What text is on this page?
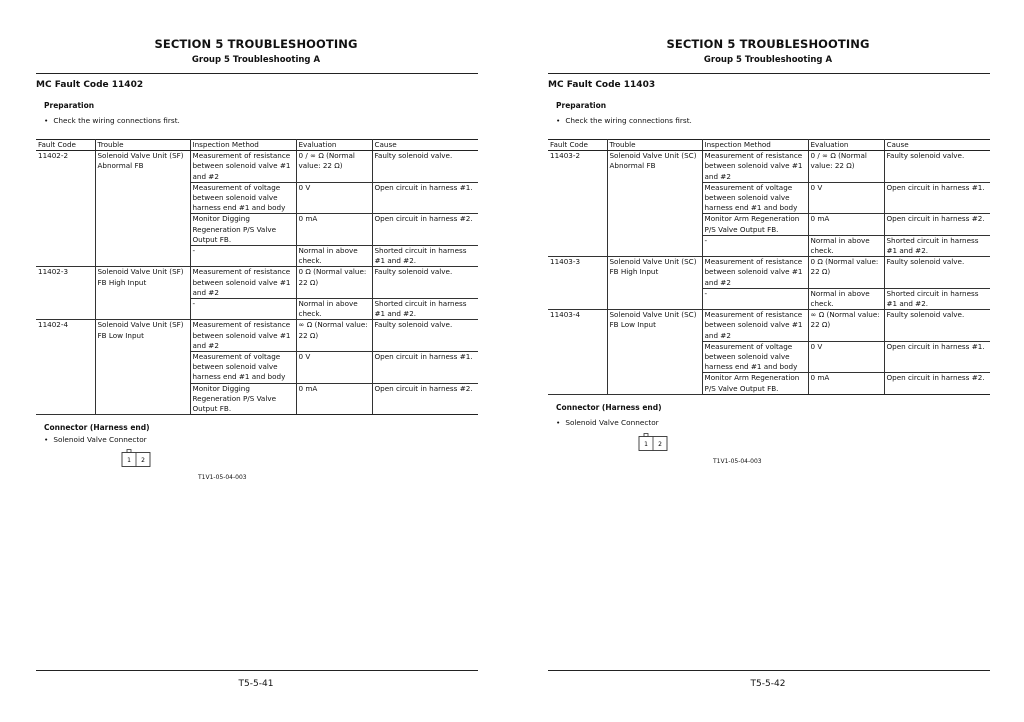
SECTION 5 TROUBLESHOOTING
Group 5 Troubleshooting A
MC Fault Code 11402
Preparation
• Check the wiring connections first.
Fault Code	Trouble	Inspection Method	Evaluation	Cause
11402-2	Solenoid Valve Unit (SF) Abnormal FB	Measurement of resistance between solenoid valve #1 and #2	0 / ∞ Ω (Normal value: 22 Ω)	Faulty solenoid valve.
		Measurement of voltage between solenoid valve harness end #1 and body	0 V	Open circuit in harness #1.
		Monitor Digging Regeneration P/S Valve Output FB.	0 mA	Open circuit in harness #2.
		-	Normal in above check.	Shorted circuit in harness #1 and #2.
11402-3	Solenoid Valve Unit (SF) FB High Input	Measurement of resistance between solenoid valve #1 and #2	0 Ω (Normal value: 22 Ω)	Faulty solenoid valve.
		-	Normal in above check.	Shorted circuit in harness #1 and #2.
11402-4	Solenoid Valve Unit (SF) FB Low Input	Measurement of resistance between solenoid valve #1 and #2	∞ Ω (Normal value: 22 Ω)	Faulty solenoid valve.
		Measurement of voltage between solenoid valve harness end #1 and body	0 V	Open circuit in harness #1.
		Monitor Digging Regeneration P/S Valve Output FB.	0 mA	Open circuit in harness #2.
Connector (Harness end)
• Solenoid Valve Connector
1 2
T1V1-05-04-003
T5-5-41
SECTION 5 TROUBLESHOOTING
Group 5 Troubleshooting A
MC Fault Code 11403
Preparation
• Check the wiring connections first.
Fault Code	Trouble	Inspection Method	Evaluation	Cause
11403-2	Solenoid Valve Unit (SC) Abnormal FB	Measurement of resistance between solenoid valve #1 and #2	0 / ∞ Ω (Normal value: 22 Ω)	Faulty solenoid valve.
		Measurement of voltage between solenoid valve harness end #1 and body	0 V	Open circuit in harness #1.
		Monitor Arm Regeneration P/S Valve Output FB.	0 mA	Open circuit in harness #2.
		-	Normal in above check.	Shorted circuit in harness #1 and #2.
11403-3	Solenoid Valve Unit (SC) FB High Input	Measurement of resistance between solenoid valve #1 and #2	0 Ω (Normal value: 22 Ω)	Faulty solenoid valve.
		-	Normal in above check.	Shorted circuit in harness #1 and #2.
11403-4	Solenoid Valve Unit (SC) FB Low Input	Measurement of resistance between solenoid valve #1 and #2	∞ Ω (Normal value: 22 Ω)	Faulty solenoid valve.
		Measurement of voltage between solenoid valve harness end #1 and body	0 V	Open circuit in harness #1.
		Monitor Arm Regeneration P/S Valve Output FB.	0 mA	Open circuit in harness #2.
Connector (Harness end)
• Solenoid Valve Connector
1 2
T1V1-05-04-003
T5-5-42
